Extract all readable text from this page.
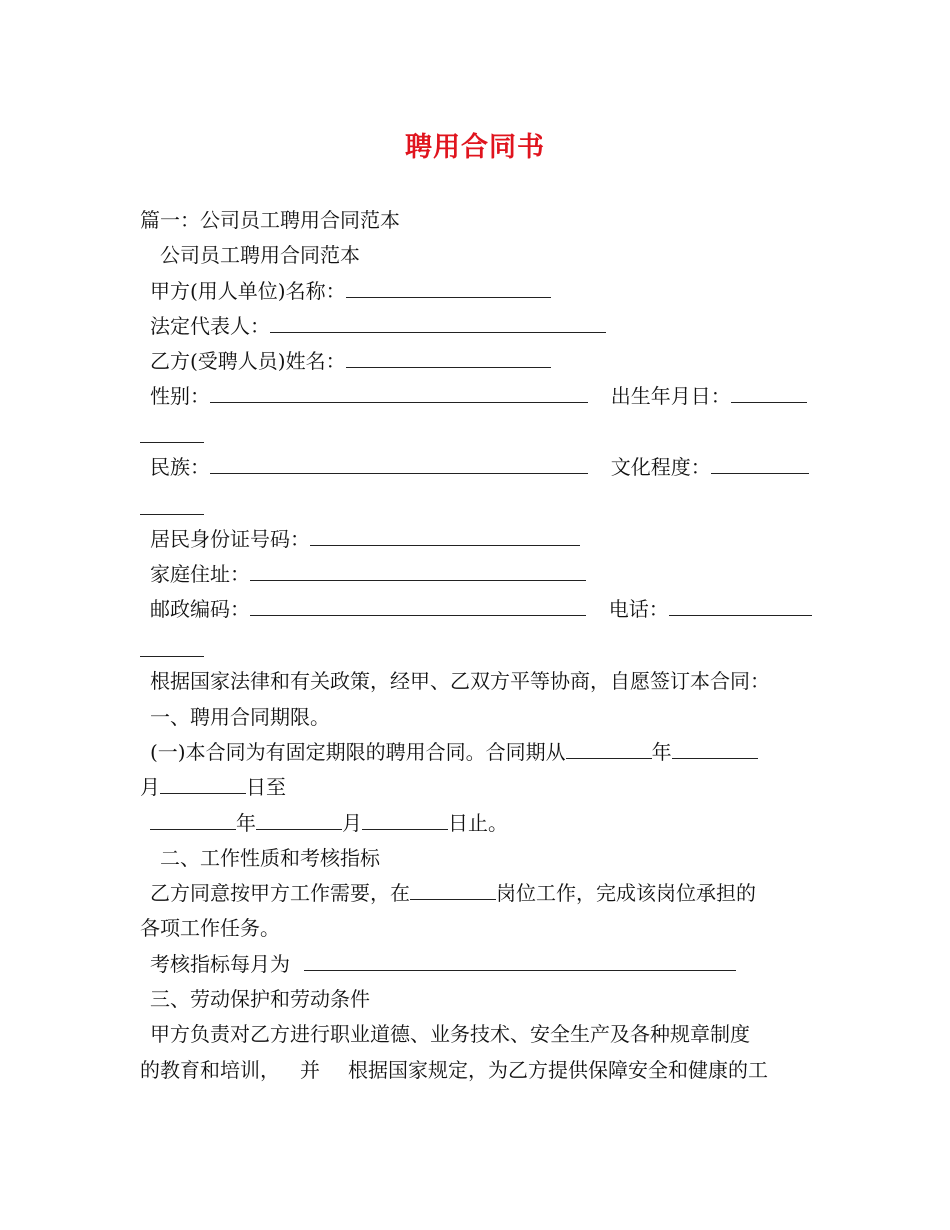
聘用合同书
篇一：公司员工聘用合同范本
公司员工聘用合同范本
甲方(用人单位)名称：
法定代表人：
乙方(受聘人员)姓名：
性别：	出生年月日：
民族：	文化程度：
居民身份证号码：
家庭住址：
邮政编码：	电话：
根据国家法律和有关政策，经甲、乙双方平等协商，自愿签订本合同：
一、聘用合同期限。
(一)本合同为有固定期限的聘用合同。合同期从	年
月	日至
年	月	日止。
二、工作性质和考核指标
乙方同意按甲方工作需要，在	岗位工作，完成该岗位承担的
各项工作任务。
考核指标每月为
三、劳动保护和劳动条件
甲方负责对乙方进行职业道德、业务技术、安全生产及各种规章制度
的教育和培训， 并 根据国家规定，为乙方提供保障安全和健康的工
